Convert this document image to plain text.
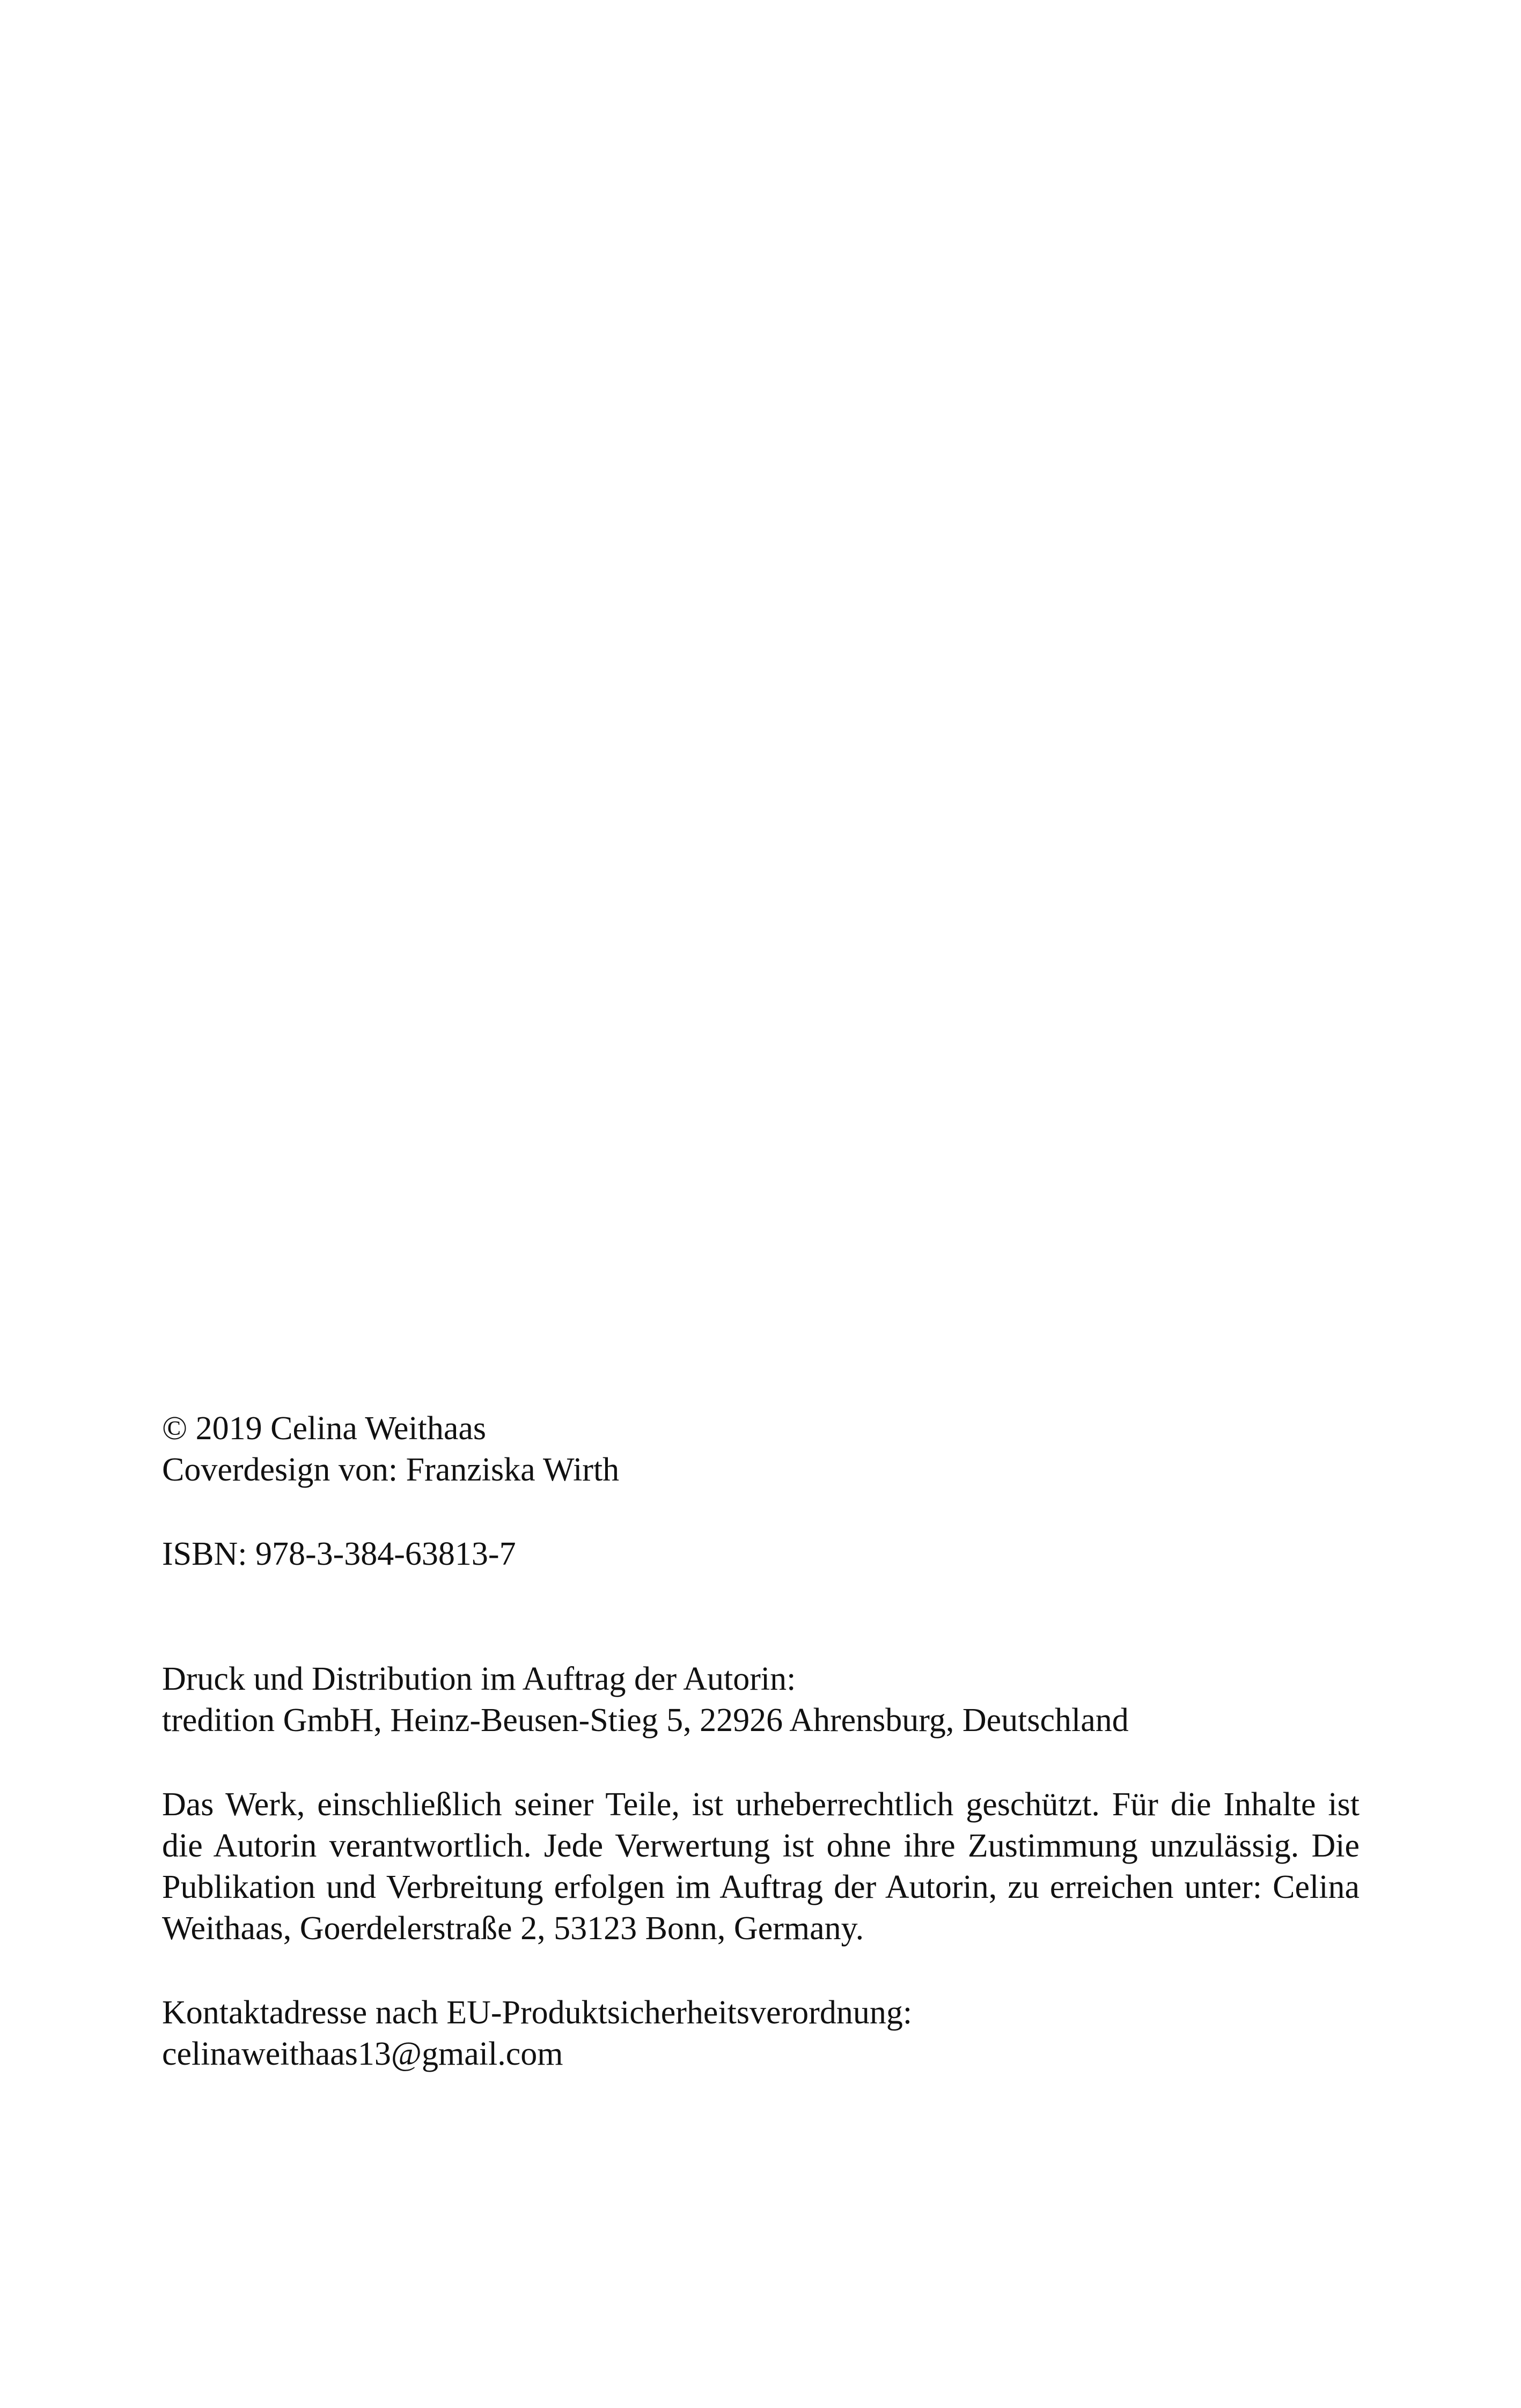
© 2019 Celina Weithaas
Coverdesign von: Franziska Wirth
ISBN: 978-3-384-63813-7
Druck und Distribution im Auftrag der Autorin:
tredition GmbH, Heinz-Beusen-Stieg 5, 22926 Ahrensburg, Deutschland
Das Werk, einschließlich seiner Teile, ist urheberrechtlich geschützt. Für die Inhalte ist die Autorin verantwortlich. Jede Verwertung ist ohne ihre Zustimmung unzulässig. Die Publikation und Verbreitung erfolgen im Auftrag der Autorin, zu erreichen unter: Celina Weithaas, Goerdelerstraße 2, 53123 Bonn, Germany.
Kontaktadresse nach EU-Produktsicherheitsverordnung:
celinaweithaas13@gmail.com
